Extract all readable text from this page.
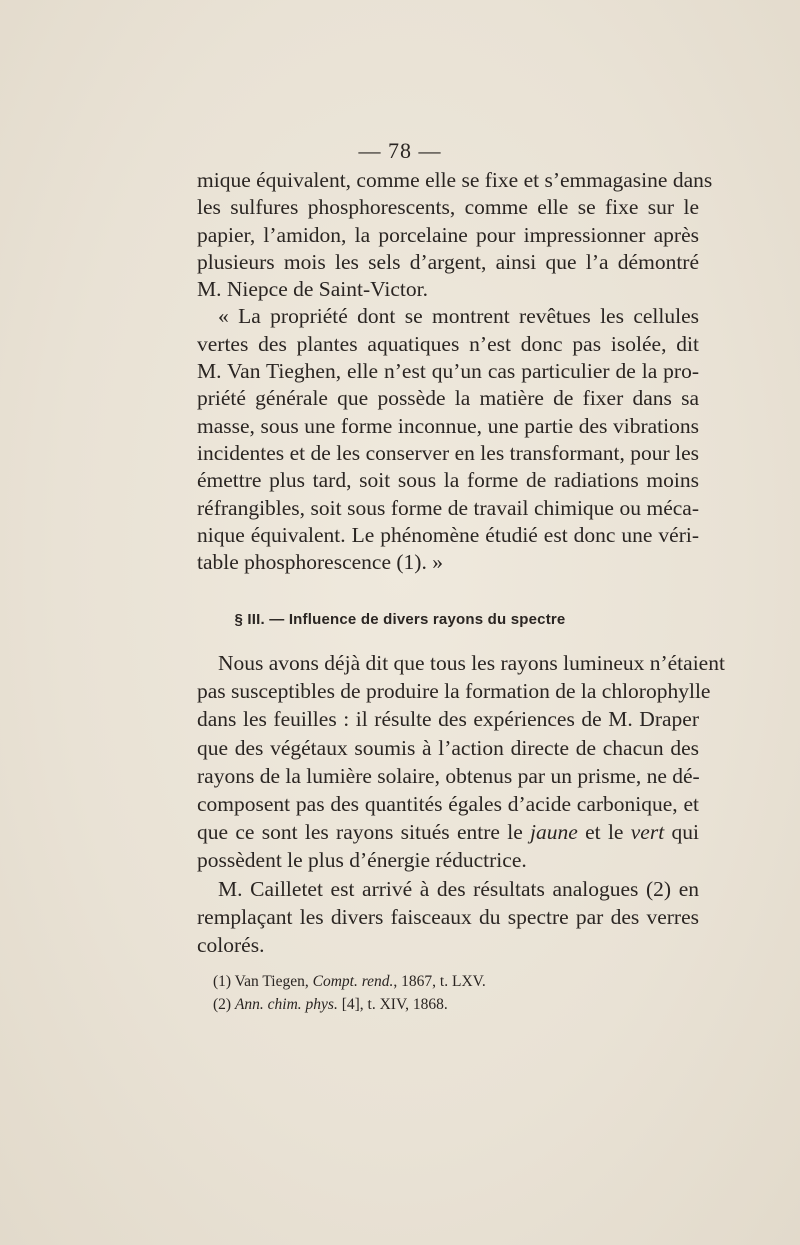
— 78 —
mique équivalent, comme elle se fixe et s’emmagasine dans
les sulfures phosphorescents, comme elle se fixe sur le
papier, l’amidon, la porcelaine pour impressionner après
plusieurs mois les sels d’argent, ainsi que l’a démontré
M. Niepce de Saint-Victor.
« La propriété dont se montrent revêtues les cellules
vertes des plantes aquatiques n’est donc pas isolée, dit
M. Van Tieghen, elle n’est qu’un cas particulier de la pro-
priété générale que possède la matière de fixer dans sa
masse, sous une forme inconnue, une partie des vibrations
incidentes et de les conserver en les transformant, pour les
émettre plus tard, soit sous la forme de radiations moins
réfrangibles, soit sous forme de travail chimique ou méca-
nique équivalent. Le phénomène étudié est donc une véri-
table phosphorescence (1). »
§ III. — Influence de divers rayons du spectre
Nous avons déjà dit que tous les rayons lumineux n’étaient
pas susceptibles de produire la formation de la chlorophylle
dans les feuilles : il résulte des expériences de M. Draper
que des végétaux soumis à l’action directe de chacun des
rayons de la lumière solaire, obtenus par un prisme, ne dé-
composent pas des quantités égales d’acide carbonique, et
que ce sont les rayons situés entre le jaune et le vert qui
possèdent le plus d’énergie réductrice.
M. Cailletet est arrivé à des résultats analogues (2) en
remplaçant les divers faisceaux du spectre par des verres
colorés.
(1) Van Tiegen, Compt. rend., 1867, t. LXV.
(2) Ann. chim. phys. [4], t. XIV, 1868.
